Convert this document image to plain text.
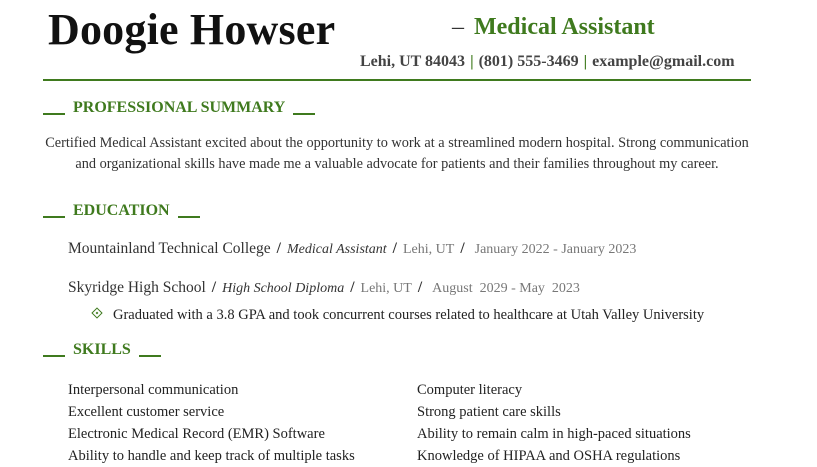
Doogie Howser	– Medical Assistant
Lehi, UT 84043 | (801) 555-3469 | example@gmail.com
PROFESSIONAL SUMMARY
Certified Medical Assistant excited about the opportunity to work at a streamlined modern hospital. Strong communication and organizational skills have made me a valuable advocate for patients and their families throughout my career.
EDUCATION
Mountainland Technical College / Medical Assistant / Lehi, UT / January 2022 - January 2023
Skyridge High School / High School Diploma / Lehi, UT / August  2029 - May  2023
Graduated with a 3.8 GPA and took concurrent courses related to healthcare at Utah Valley University
SKILLS
Interpersonal communication
Excellent customer service
Electronic Medical Record (EMR) Software
Ability to handle and keep track of multiple tasks
Computer literacy
Strong patient care skills
Ability to remain calm in high-paced situations
Knowledge of HIPAA and OSHA regulations
